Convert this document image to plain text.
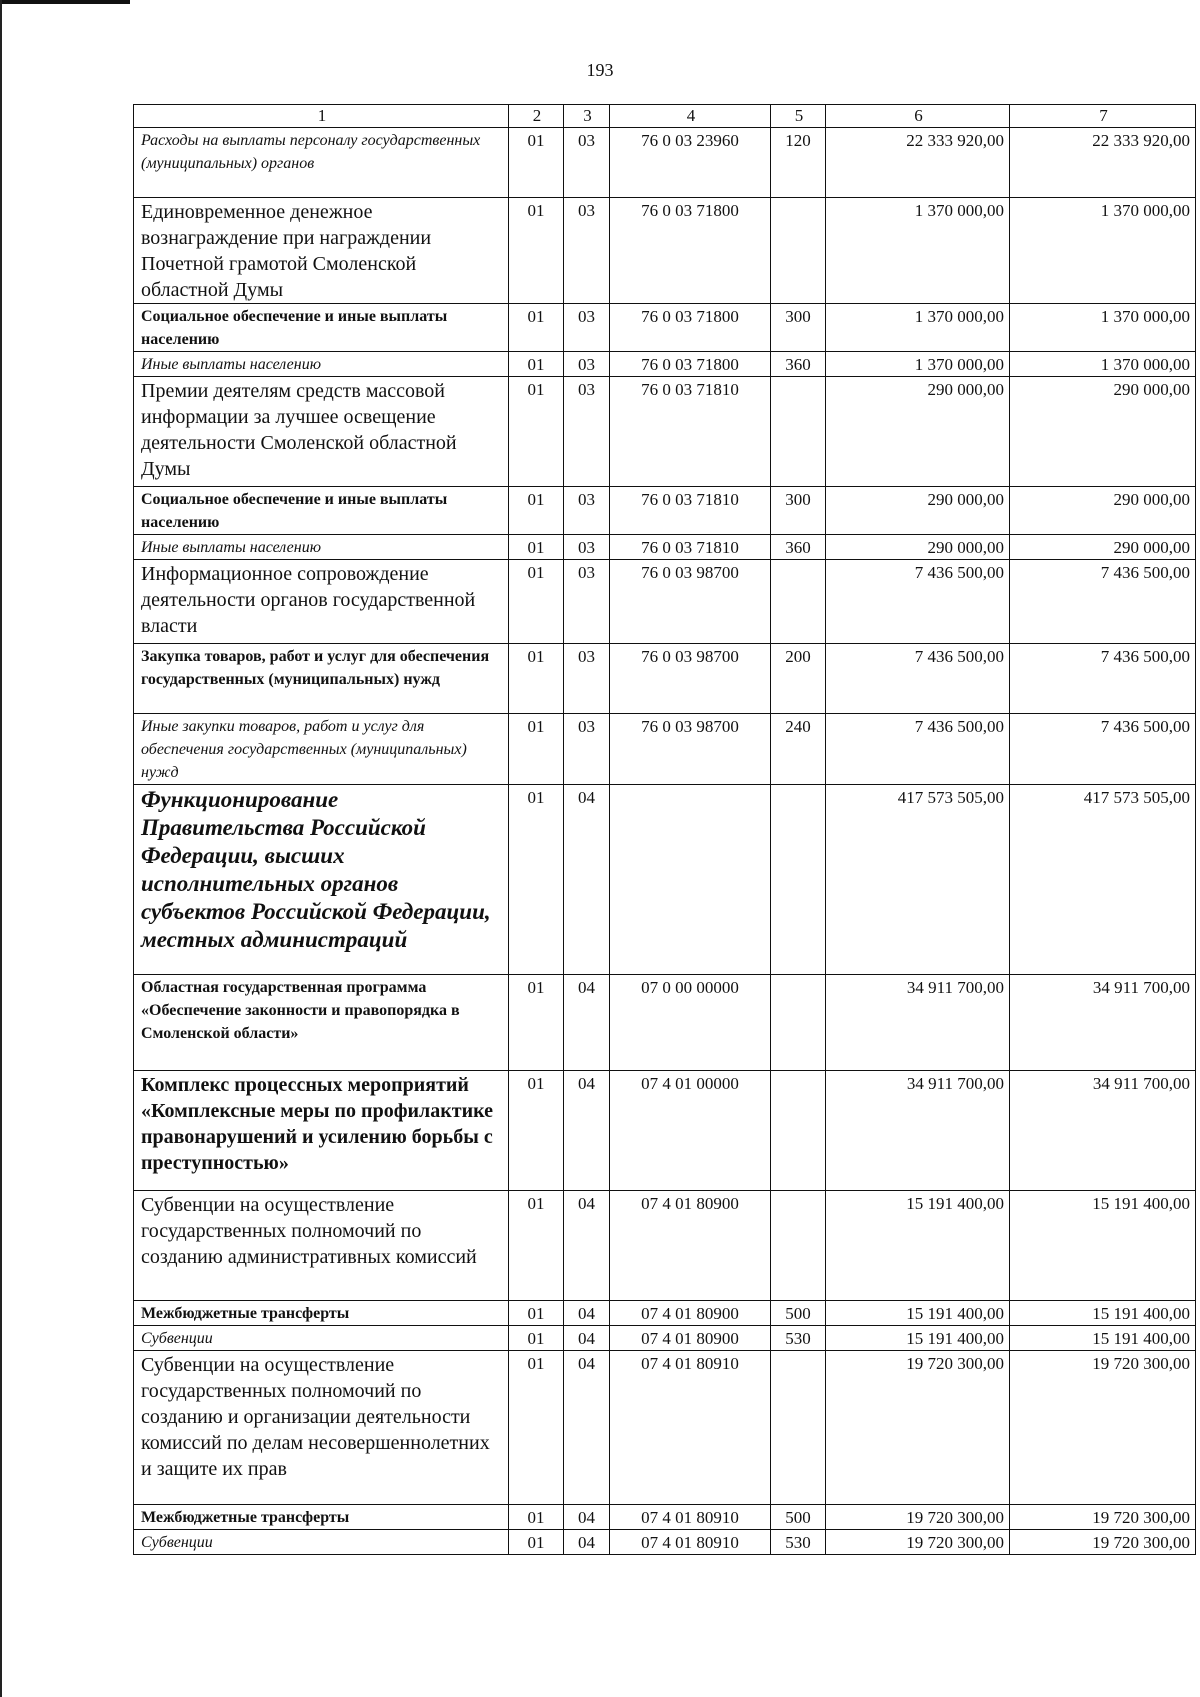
193
1	2	3	4	5	6	7
Расходы на выплаты персоналу государственных (муниципальных) органов	01	03	76 0 03 23960	120	22 333 920,00	22 333 920,00
Единовременное денежное вознаграждение при награждении Почетной грамотой Смоленской областной Думы	01	03	76 0 03 71800		1 370 000,00	1 370 000,00
Социальное обеспечение и иные выплаты населению	01	03	76 0 03 71800	300	1 370 000,00	1 370 000,00
Иные выплаты населению	01	03	76 0 03 71800	360	1 370 000,00	1 370 000,00
Премии деятелям средств массовой информации за лучшее освещение деятельности Смоленской областной Думы	01	03	76 0 03 71810		290 000,00	290 000,00
Социальное обеспечение и иные выплаты населению	01	03	76 0 03 71810	300	290 000,00	290 000,00
Иные выплаты населению	01	03	76 0 03 71810	360	290 000,00	290 000,00
Информационное сопровождение деятельности органов государственной власти	01	03	76 0 03 98700		7 436 500,00	7 436 500,00
Закупка товаров, работ и услуг для обеспечения государственных (муниципальных) нужд	01	03	76 0 03 98700	200	7 436 500,00	7 436 500,00
Иные закупки товаров, работ и услуг для обеспечения государственных (муниципальных) нужд	01	03	76 0 03 98700	240	7 436 500,00	7 436 500,00
Функционирование Правительства Российской Федерации, высших исполнительных органов субъектов Российской Федерации, местных администраций	01	04			417 573 505,00	417 573 505,00
Областная государственная программа «Обеспечение законности и правопорядка в Смоленской области»	01	04	07 0 00 00000		34 911 700,00	34 911 700,00
Комплекс процессных мероприятий «Комплексные меры по профилактике правонарушений и усилению борьбы с преступностью»	01	04	07 4 01 00000		34 911 700,00	34 911 700,00
Субвенции на осуществление государственных полномочий по созданию административных комиссий	01	04	07 4 01 80900		15 191 400,00	15 191 400,00
Межбюджетные трансферты	01	04	07 4 01 80900	500	15 191 400,00	15 191 400,00
Субвенции	01	04	07 4 01 80900	530	15 191 400,00	15 191 400,00
Субвенции на осуществление государственных полномочий по созданию и организации деятельности комиссий по делам несовершеннолетних и защите их прав	01	04	07 4 01 80910		19 720 300,00	19 720 300,00
Межбюджетные трансферты	01	04	07 4 01 80910	500	19 720 300,00	19 720 300,00
Субвенции	01	04	07 4 01 80910	530	19 720 300,00	19 720 300,00
